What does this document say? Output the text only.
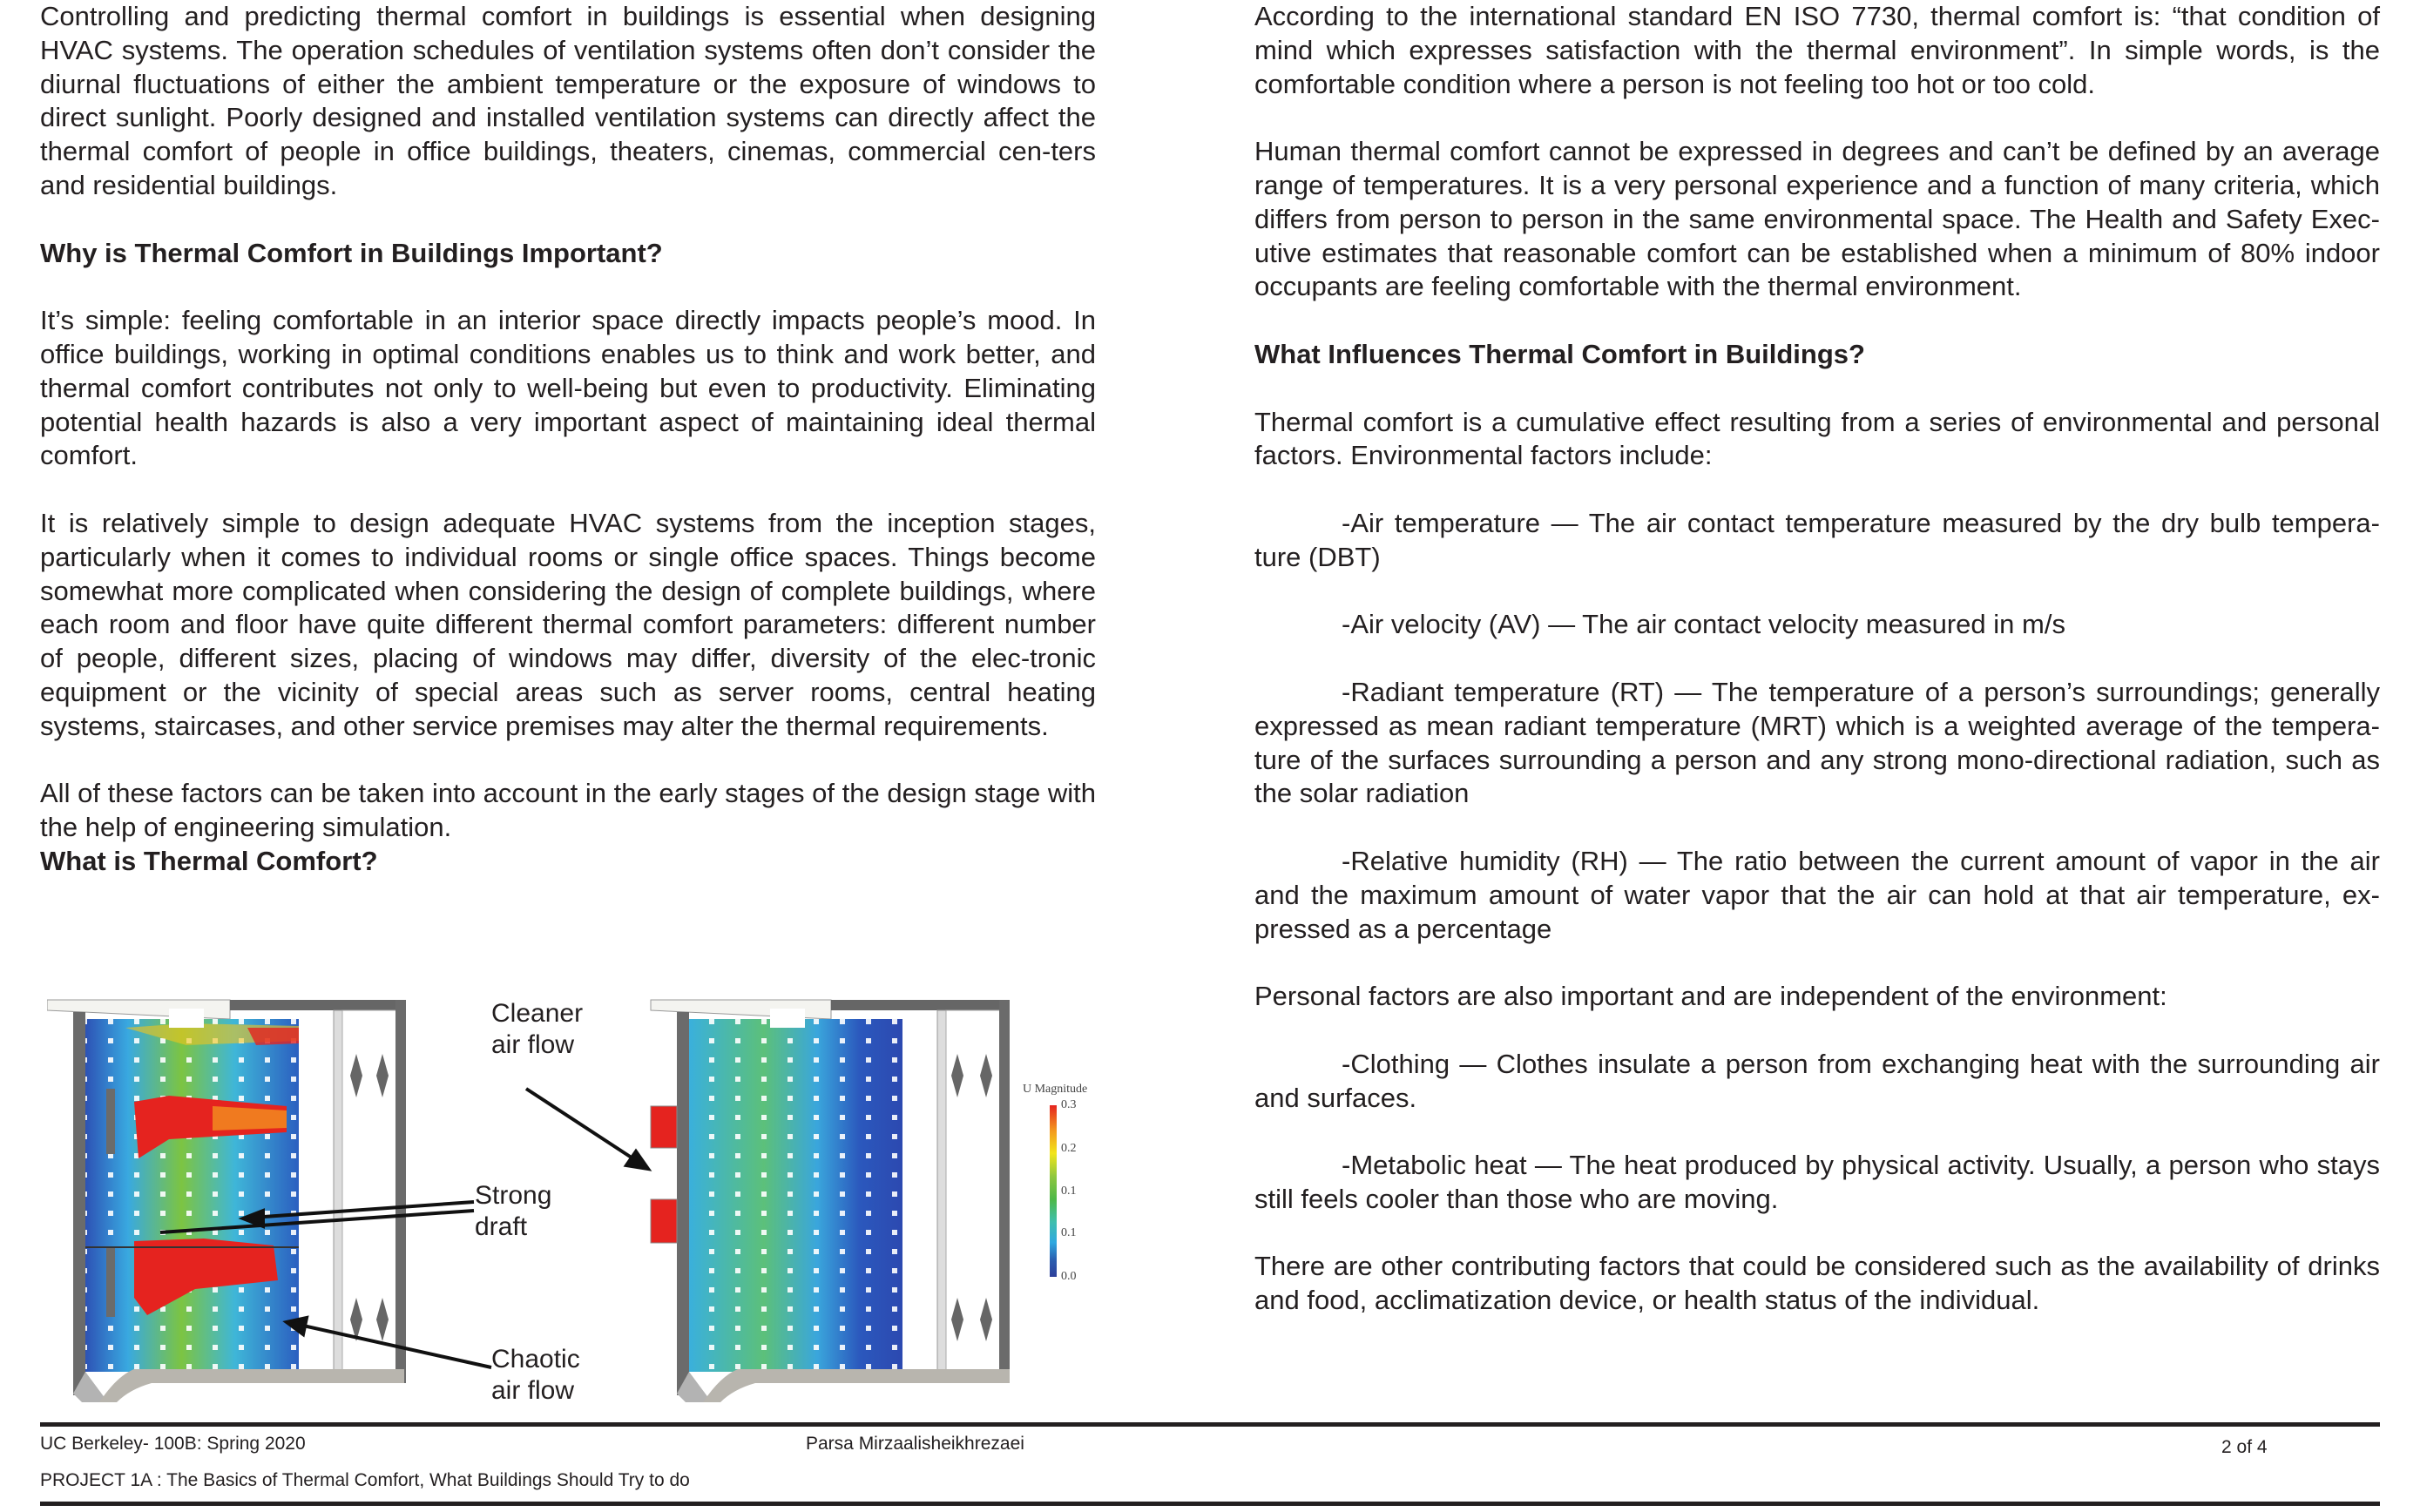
Controlling and predicting thermal comfort in buildings is essential when designing HVAC systems. The operation schedules of ventilation systems often don’t consider the diurnal fluctuations of either the ambient temperature or the exposure of windows to direct sunlight. Poorly designed and installed ventilation systems can directly affect the thermal comfort of people in office buildings, theaters, cinemas, commercial cen-ters and residential buildings.

Why is Thermal Comfort in Buildings Important?

It’s simple: feeling comfortable in an interior space directly impacts people’s mood. In office buildings, working in optimal conditions enables us to think and work better, and thermal comfort contributes not only to well-being but even to productivity. Eliminating potential health hazards is also a very important aspect of maintaining ideal thermal comfort.

It is relatively simple to design adequate HVAC systems from the inception stages, particularly when it comes to individual rooms or single office spaces. Things become somewhat more complicated when considering the design of complete buildings, where each room and floor have quite different thermal comfort parameters: different number of people, different sizes, placing of windows may differ, diversity of the elec-tronic equipment or the vicinity of special areas such as server rooms, central heating systems, staircases, and other service premises may alter the thermal requirements.

All of these factors can be taken into account in the early stages of the design stage with the help of engineering simulation.

What is Thermal Comfort?

Cleaner
air flow
Strong
draft
Chaotic
air flow
U Magnitude
0.3
0.2
0.1
0.1
0.0

According to the international standard EN ISO 7730, thermal comfort is: “that condition of mind which expresses satisfaction with the thermal environment”. In simple words, is the comfortable condition where a person is not feeling too hot or too cold.

Human thermal comfort cannot be expressed in degrees and can’t be defined by an average range of temperatures. It is a very personal experience and a function of many criteria, which differs from person to person in the same environmental space. The Health and Safety Exec-utive estimates that reasonable comfort can be established when a minimum of 80% indoor occupants are feeling comfortable with the thermal environment.

What Influences Thermal Comfort in Buildings?

Thermal comfort is a cumulative effect resulting from a series of environmental and personal factors. Environmental factors include:

-Air temperature — The air contact temperature measured by the dry bulb tempera-ture (DBT)

-Air velocity (AV) — The air contact velocity measured in m/s

-Radiant temperature (RT) — The temperature of a person’s surroundings; generally expressed as mean radiant temperature (MRT) which is a weighted average of the tempera-ture of the surfaces surrounding a person and any strong mono-directional radiation, such as the solar radiation

-Relative humidity (RH) — The ratio between the current amount of vapor in the air and the maximum amount of water vapor that the air can hold at that air temperature, ex-pressed as a percentage

Personal factors are also important and are independent of the environment:

-Clothing — Clothes insulate a person from exchanging heat with the surrounding air and surfaces.

-Metabolic heat — The heat produced by physical activity. Usually, a person who stays still feels cooler than those who are moving.

There are other contributing factors that could be considered such as the availability of drinks and food, acclimatization device, or health status of the individual.

UC Berkeley- 100B: Spring 2020	Parsa Mirzaalisheikhrezaei	2 of 4
PROJECT 1A : The Basics of Thermal Comfort, What Buildings Should Try to do
